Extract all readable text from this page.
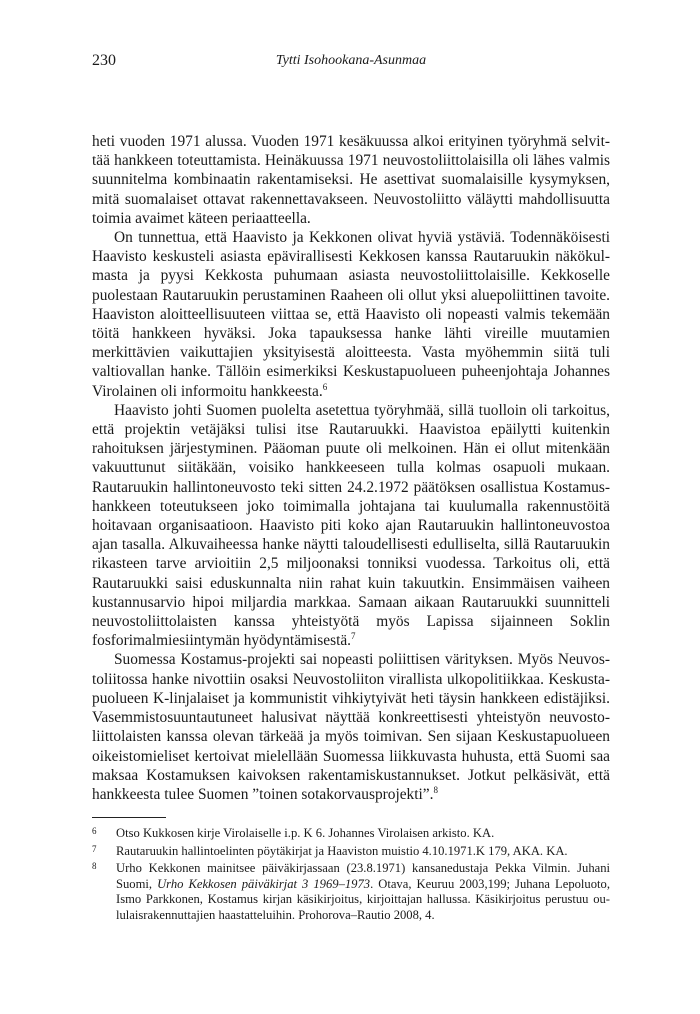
230	Tytti Isohookana-Asunmaa

heti vuoden 1971 alussa. Vuoden 1971 kesäkuussa alkoi erityinen työryhmä selvittää hankkeen toteuttamista. Heinäkuussa 1971 neuvostoliittolaisilla oli lähes valmis suunnitelma kombinaatin rakentamiseksi. He asettivat suomalaisille kysymyksen, mitä suomalaiset ottavat rakennettavakseen. Neuvostoliitto väläytti mahdollisuutta toimia avaimet käteen periaatteella.

On tunnettua, että Haavisto ja Kekkonen olivat hyviä ystäviä. Todennäköisesti Haavisto keskusteli asiasta epävirallisesti Kekkosen kanssa Rautaruukin näkökulmasta ja pyysi Kekkosta puhumaan asiasta neuvostoliittolaisille. Kekkoselle puolestaan Rautaruukin perustaminen Raaheen oli ollut yksi aluepoliittinen tavoite. Haaviston aloitteellisuuteen viittaa se, että Haavisto oli nopeasti valmis tekemään töitä hankkeen hyväksi. Joka tapauksessa hanke lähti vireille muutamien merkittävien vaikuttajien yksityisestä aloitteesta. Vasta myöhemmin siitä tuli valtiovallan hanke. Tällöin esimerkiksi Keskustapuolueen puheenjohtaja Johannes Virolainen oli informoitu hankkeesta.$^6$

Haavisto johti Suomen puolelta asetettua työryhmää, sillä tuolloin oli tarkoitus, että projektin vetäjäksi tulisi itse Rautaruukki. Haavistoa epäilytti kuitenkin rahoituksen järjestyminen. Pääoman puute oli melkoinen. Hän ei ollut mitenkään vakuuttunut siitäkään, voisiko hankkeeseen tulla kolmas osapuoli mukaan. Rautaruukin hallintoneuvosto teki sitten 24.2.1972 päätöksen osallistua Kostamus-hankkeen toteutukseen joko toimimalla johtajana tai kuulumalla rakennustöitä hoitavaan organisaatioon. Haavisto piti koko ajan Rautaruukin hallintoneuvostoa ajan tasalla. Alkuvaiheessa hanke näytti taloudellisesti edulliselta, sillä Rautaruukin rikasteen tarve arvioitiin 2,5 miljoonaksi tonniksi vuodessa. Tarkoitus oli, että Rautaruukki saisi eduskunnalta niin rahat kuin takuutkin. Ensimmäisen vaiheen kustannusarvio hipoi miljardia markkaa. Samaan aikaan Rautaruukki suunnitteli neuvostoliittolaisten kanssa yhteistyötä myös Lapissa sijainneen Soklin fosforimalmiesiintymän hyödyntämisestä.$^7$

Suomessa Kostamus-projekti sai nopeasti poliittisen värityksen. Myös Neuvostoliitossa hanke nivottiin osaksi Neuvostoliiton virallista ulkopolitiikkaa. Keskustapuolueen K-linjalaiset ja kommunistit vihkiytyivät heti täysin hankkeen edistäjiksi. Vasemmistosuuntautuneet halusivat näyttää konkreettisesti yhteistyön neuvostoliittolaisten kanssa olevan tärkeää ja myös toimivan. Sen sijaan Keskustapuolueen oikeistomieliset kertoivat mielellään Suomessa liikkuvasta huhusta, että Suomi saa maksaa Kostamuksen kaivoksen rakentamiskustannukset. Jotkut pelkäsivät, että hankkeesta tulee Suomen ”toinen sotakorvausprojekti”.$^8$

6 Otso Kukkosen kirje Virolaiselle i.p. K 6. Johannes Virolaisen arkisto. KA.
7 Rautaruukin hallintoelinten pöytäkirjat ja Haaviston muistio 4.10.1971.K 179, AKA. KA.
8 Urho Kekkonen mainitsee päiväkirjassaan (23.8.1971) kansanedustaja Pekka Vilmin. Juhani Suomi, Urho Kekkosen päiväkirjat 3 1969–1973. Otava, Keuruu 2003,199; Juhana Lepoluoto, Ismo Parkkonen, Kostamus kirjan käsikirjoitus, kirjoittajan hallussa. Käsikirjoitus perustuu oululaisrakennuttajien haastatteluihin. Prohorova–Rautio 2008, 4.
